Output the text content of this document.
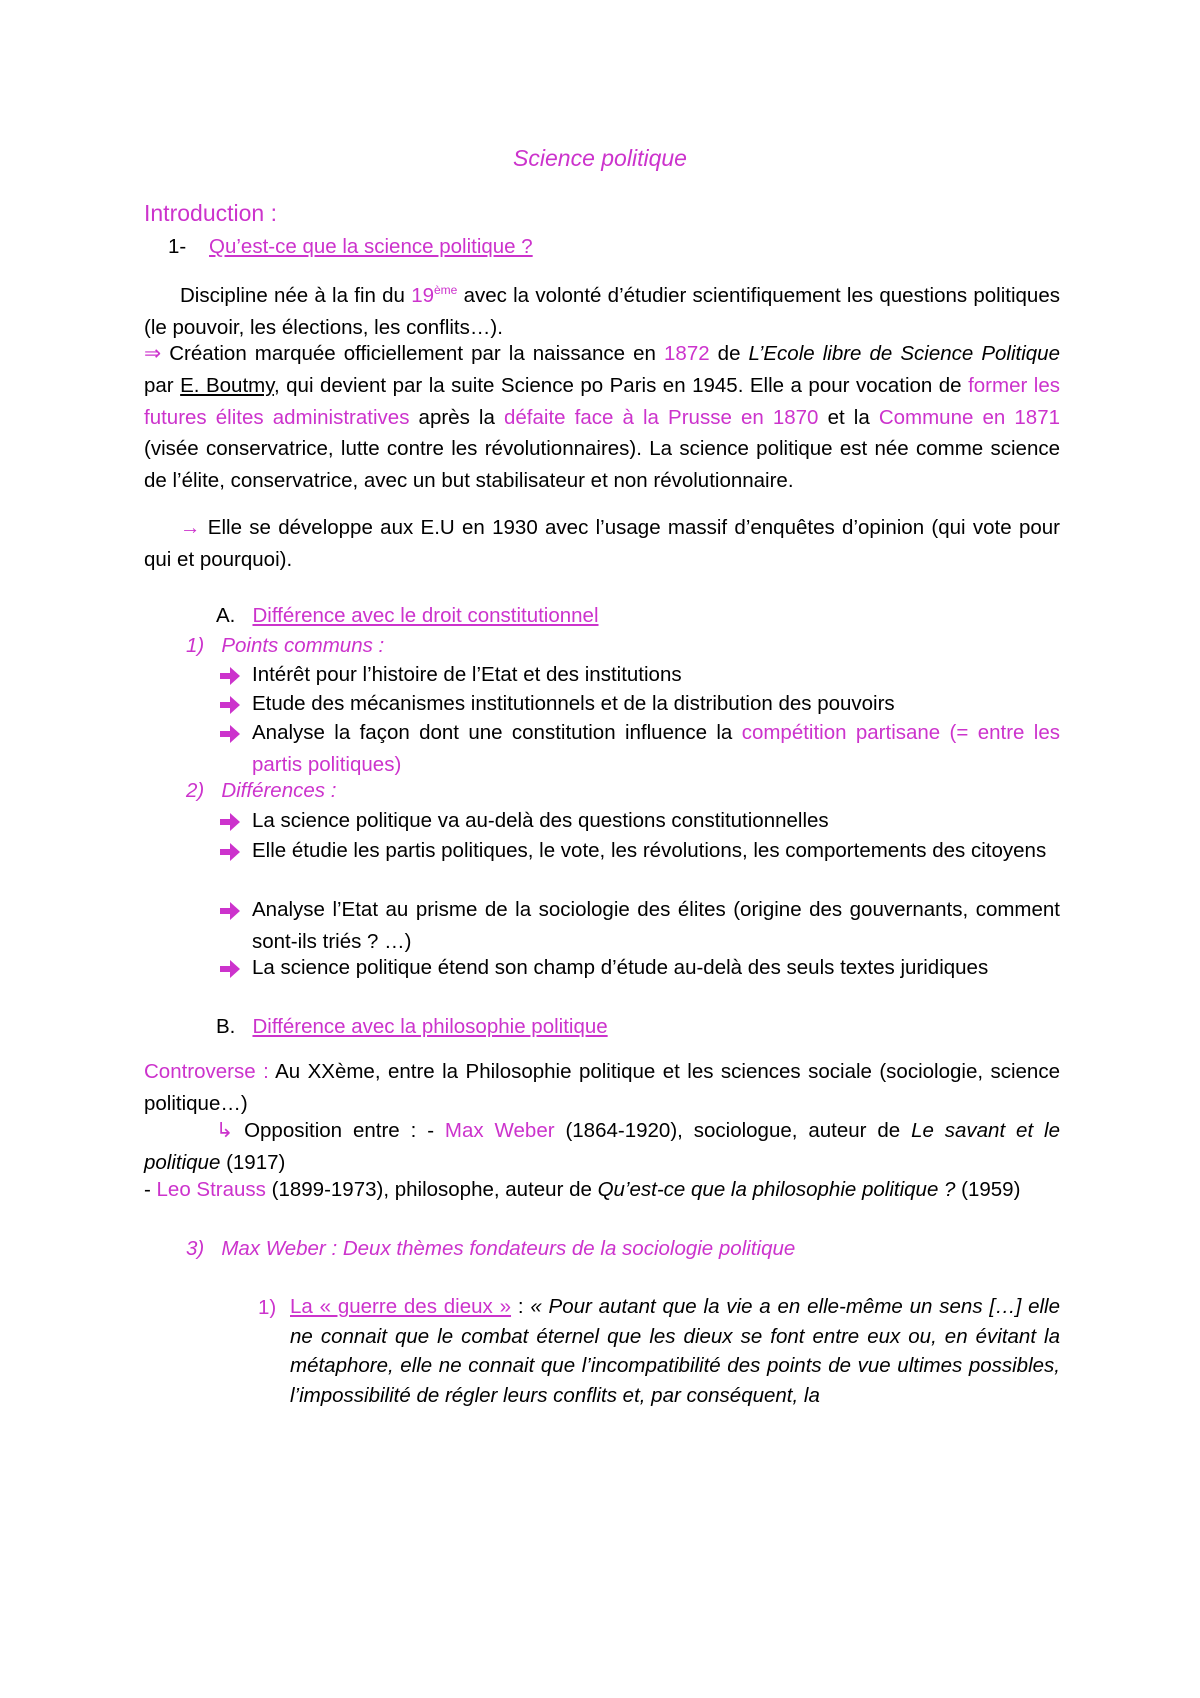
Science politique
Introduction :
1- Qu’est-ce que la science politique ?
Discipline née à la fin du 19ème avec la volonté d’étudier scientifiquement les questions politiques (le pouvoir, les élections, les conflits…).
⇒ Création marquée officiellement par la naissance en 1872 de L’Ecole libre de Science Politique par E. Boutmy, qui devient par la suite Science po Paris en 1945. Elle a pour vocation de former les futures élites administratives après la défaite face à la Prusse en 1870 et la Commune en 1871 (visée conservatrice, lutte contre les révolutionnaires). La science politique est née comme science de l’élite, conservatrice, avec un but stabilisateur et non révolutionnaire.
→ Elle se développe aux E.U en 1930 avec l’usage massif d’enquêtes d’opinion (qui vote pour qui et pourquoi).
A. Différence avec le droit constitutionnel
1) Points communs :
Intérêt pour l’histoire de l’Etat et des institutions
Etude des mécanismes institutionnels et de la distribution des pouvoirs
Analyse la façon dont une constitution influence la compétition partisane (= entre les partis politiques)
2) Différences :
La science politique va au-delà des questions constitutionnelles
Elle étudie les partis politiques, le vote, les révolutions, les comportements des citoyens
Analyse l’Etat au prisme de la sociologie des élites (origine des gouvernants, comment sont-ils triés ? …)
La science politique étend son champ d’étude au-delà des seuls textes juridiques
B. Différence avec la philosophie politique
Controverse : Au XXème, entre la Philosophie politique et les sciences sociale (sociologie, science politique…)
↳ Opposition entre : - Max Weber (1864-1920), sociologue, auteur de Le savant et le politique (1917)
- Leo Strauss (1899-1973), philosophe, auteur de Qu’est-ce que la philosophie politique ? (1959)
3) Max Weber : Deux thèmes fondateurs de la sociologie politique
1) La « guerre des dieux » : « Pour autant que la vie a en elle-même un sens […] elle ne connait que le combat éternel que les dieux se font entre eux ou, en évitant la métaphore, elle ne connait que l’incompatibilité des points de vue ultimes possibles, l’impossibilité de régler leurs conflits et, par conséquent, la
